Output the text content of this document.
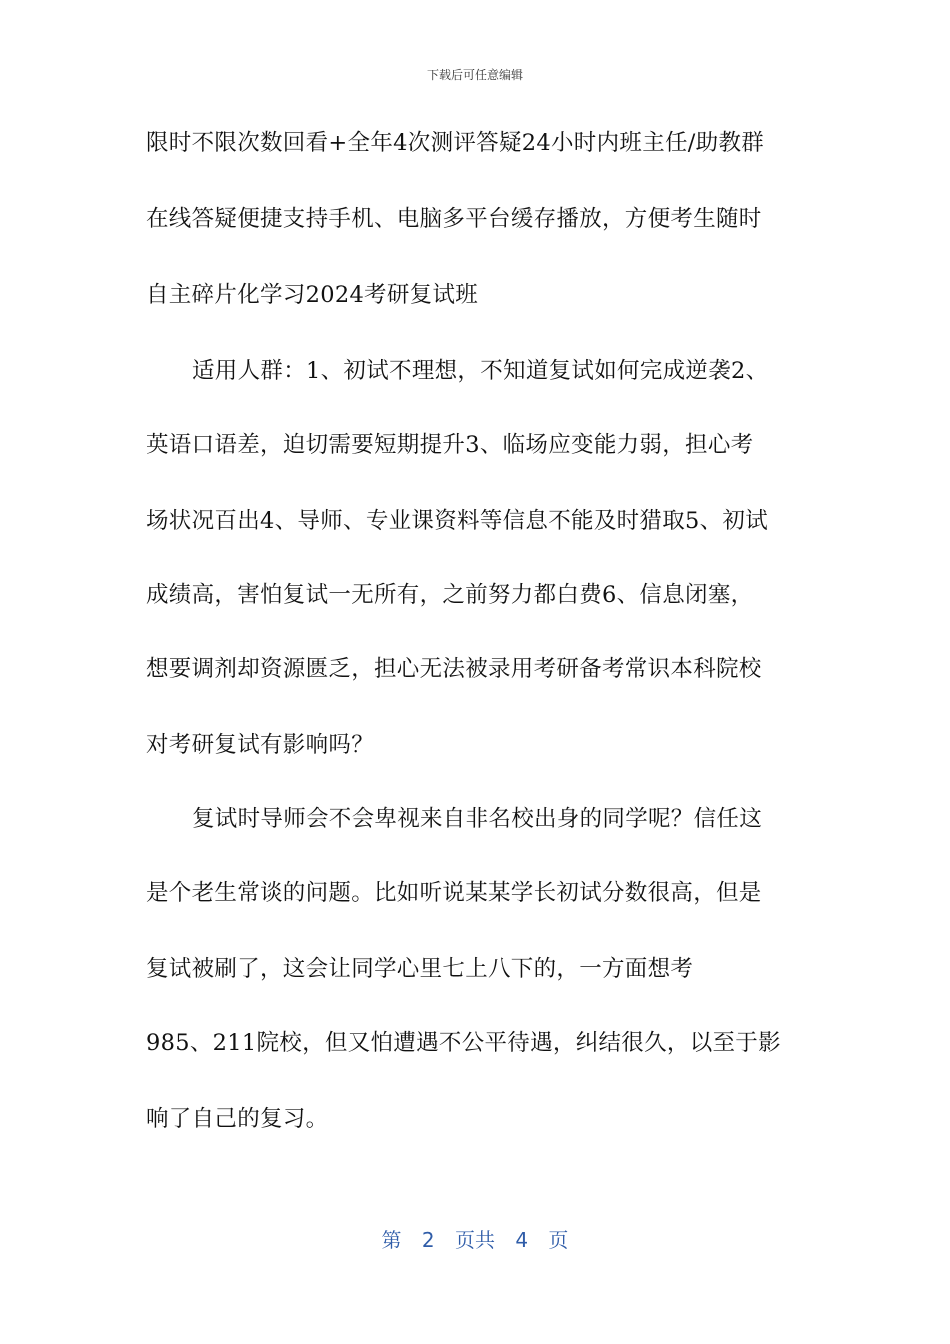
下载后可任意编辑
限时不限次数回看+全年4次测评答疑24小时内班主任/助教群
在线答疑便捷支持手机、电脑多平台缓存播放，方便考生随时
自主碎片化学习2024考研复试班
适用人群：1、初试不理想，不知道复试如何完成逆袭2、
英语口语差，迫切需要短期提升3、临场应变能力弱，担心考
场状况百出4、导师、专业课资料等信息不能及时猎取5、初试
成绩高，害怕复试一无所有，之前努力都白费6、信息闭塞，
想要调剂却资源匮乏，担心无法被录用考研备考常识本科院校
对考研复试有影响吗？
复试时导师会不会卑视来自非名校出身的同学呢？信任这
是个老生常谈的问题。比如听说某某学长初试分数很高，但是
复试被刷了，这会让同学心里七上八下的，一方面想考
985、211院校，但又怕遭遇不公平待遇，纠结很久，以至于影
响了自己的复习。
第 2 页共 4 页
